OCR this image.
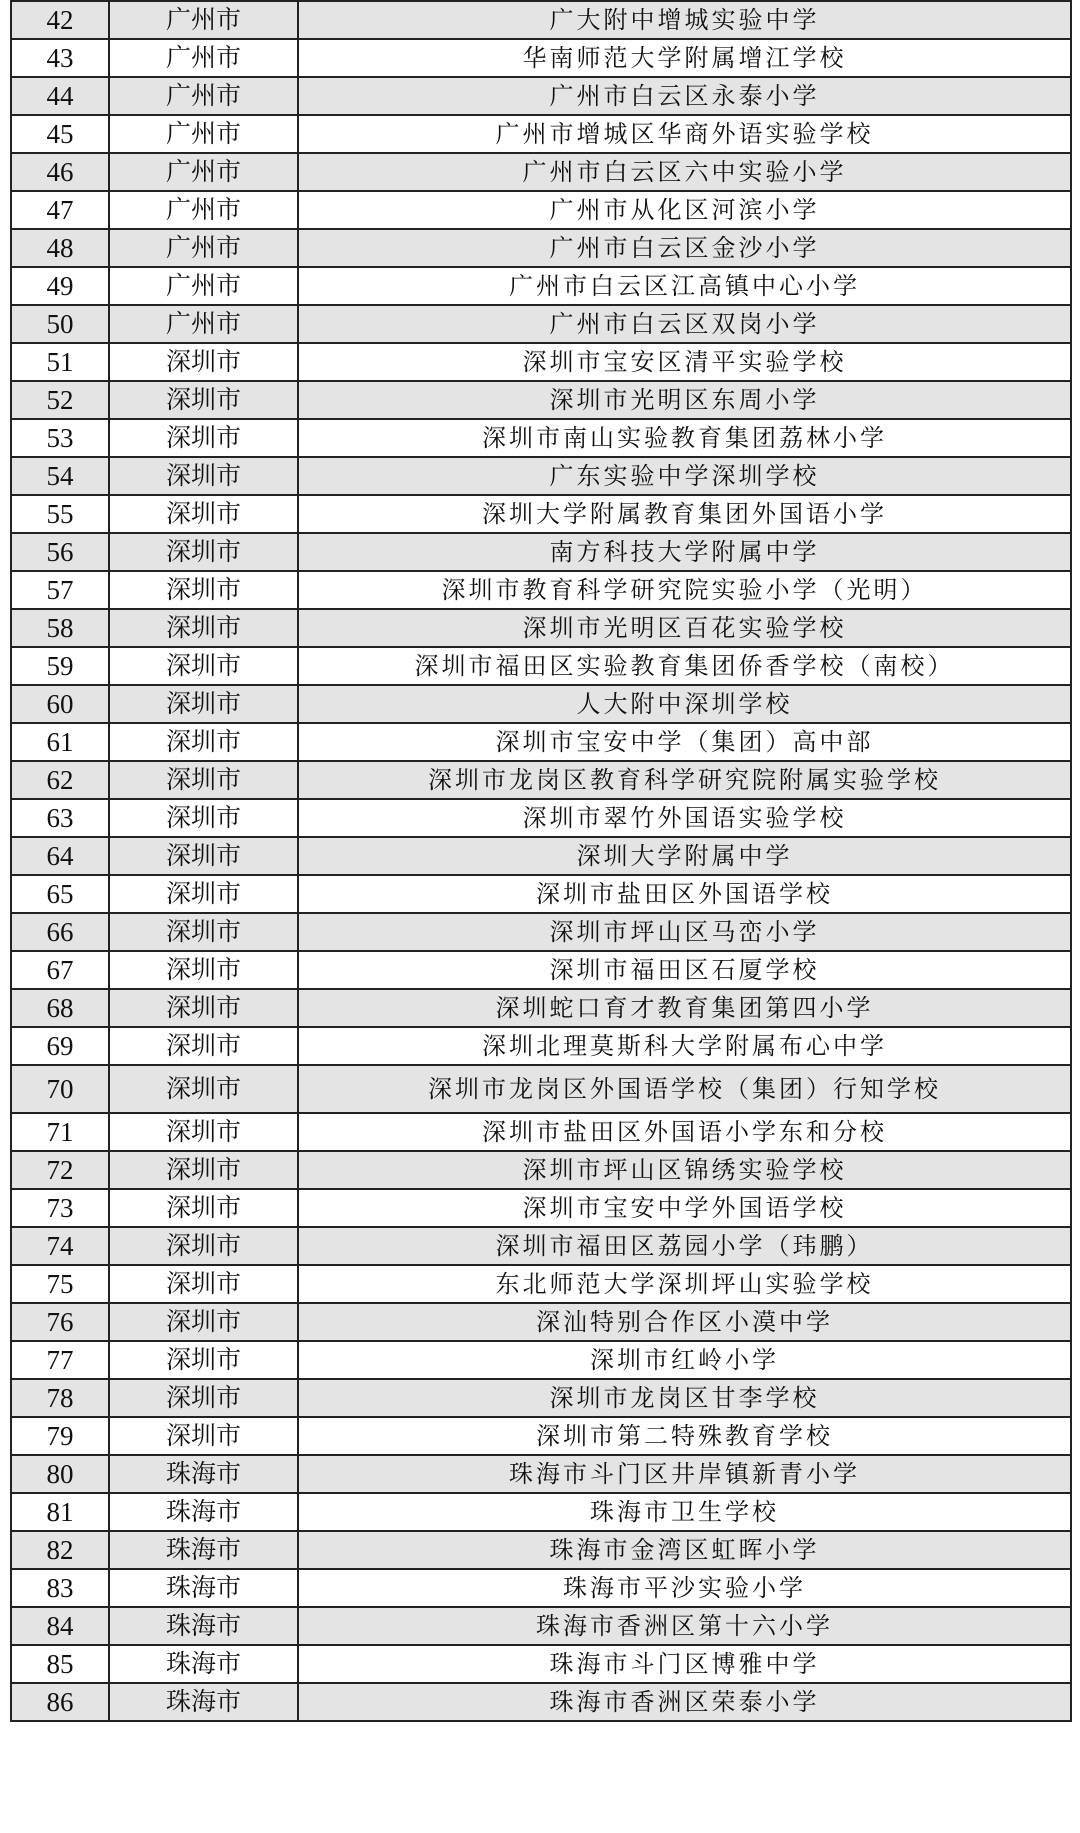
42	广州市	广大附中增城实验中学
43	广州市	华南师范大学附属增江学校
44	广州市	广州市白云区永泰小学
45	广州市	广州市增城区华商外语实验学校
46	广州市	广州市白云区六中实验小学
47	广州市	广州市从化区河滨小学
48	广州市	广州市白云区金沙小学
49	广州市	广州市白云区江高镇中心小学
50	广州市	广州市白云区双岗小学
51	深圳市	深圳市宝安区清平实验学校
52	深圳市	深圳市光明区东周小学
53	深圳市	深圳市南山实验教育集团荔林小学
54	深圳市	广东实验中学深圳学校
55	深圳市	深圳大学附属教育集团外国语小学
56	深圳市	南方科技大学附属中学
57	深圳市	深圳市教育科学研究院实验小学（光明）
58	深圳市	深圳市光明区百花实验学校
59	深圳市	深圳市福田区实验教育集团侨香学校（南校）
60	深圳市	人大附中深圳学校
61	深圳市	深圳市宝安中学（集团）高中部
62	深圳市	深圳市龙岗区教育科学研究院附属实验学校
63	深圳市	深圳市翠竹外国语实验学校
64	深圳市	深圳大学附属中学
65	深圳市	深圳市盐田区外国语学校
66	深圳市	深圳市坪山区马峦小学
67	深圳市	深圳市福田区石厦学校
68	深圳市	深圳蛇口育才教育集团第四小学
69	深圳市	深圳北理莫斯科大学附属布心中学
70	深圳市	深圳市龙岗区外国语学校（集团）行知学校
71	深圳市	深圳市盐田区外国语小学东和分校
72	深圳市	深圳市坪山区锦绣实验学校
73	深圳市	深圳市宝安中学外国语学校
74	深圳市	深圳市福田区荔园小学（玮鹏）
75	深圳市	东北师范大学深圳坪山实验学校
76	深圳市	深汕特别合作区小漠中学
77	深圳市	深圳市红岭小学
78	深圳市	深圳市龙岗区甘李学校
79	深圳市	深圳市第二特殊教育学校
80	珠海市	珠海市斗门区井岸镇新青小学
81	珠海市	珠海市卫生学校
82	珠海市	珠海市金湾区虹晖小学
83	珠海市	珠海市平沙实验小学
84	珠海市	珠海市香洲区第十六小学
85	珠海市	珠海市斗门区博雅中学
86	珠海市	珠海市香洲区荣泰小学
